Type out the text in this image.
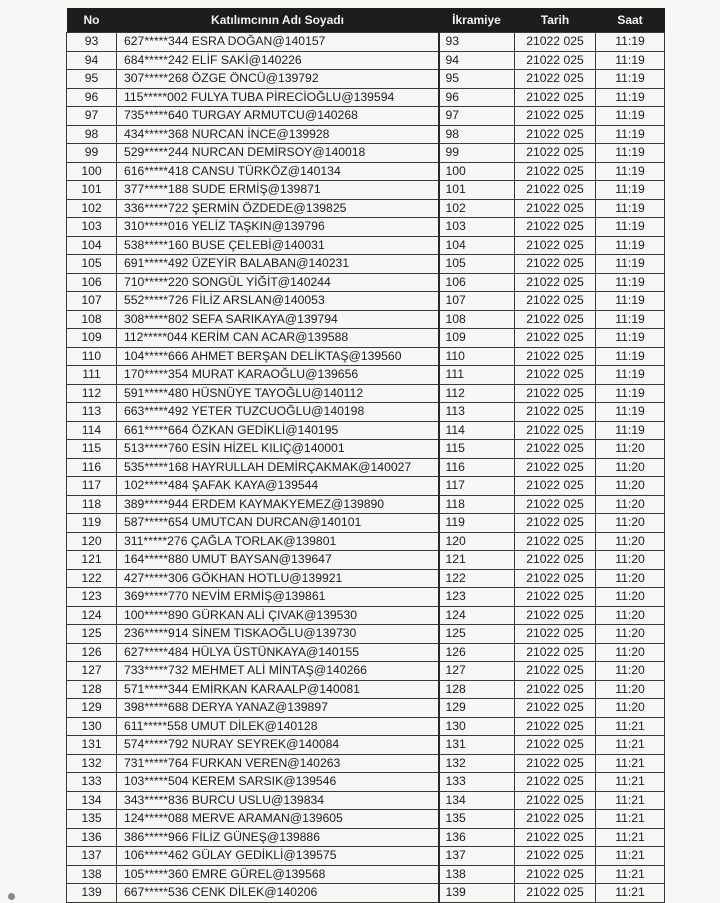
No	Katılımcının Adı Soyadı	İkramiye	Tarih	Saat
93	627*****344 ESRA DOĞAN@140157	93	21022 025	11:19
94	684*****242 ELİF SAKİ@140226	94	21022 025	11:19
95	307*****268 ÖZGE ÖNCÜ@139792	95	21022 025	11:19
96	115*****002 FULYA TUBA PİRECİOĞLU@139594	96	21022 025	11:19
97	735*****640 TURGAY ARMUTCU@140268	97	21022 025	11:19
98	434*****368 NURCAN İNCE@139928	98	21022 025	11:19
99	529*****244 NURCAN DEMİRSOY@140018	99	21022 025	11:19
100	616*****418 CANSU TÜRKÖZ@140134	100	21022 025	11:19
101	377*****188 SUDE ERMİŞ@139871	101	21022 025	11:19
102	336*****722 ŞERMİN ÖZDEDE@139825	102	21022 025	11:19
103	310*****016 YELİZ TAŞKIN@139796	103	21022 025	11:19
104	538*****160 BUSE ÇELEBİ@140031	104	21022 025	11:19
105	691*****492 ÜZEYİR BALABAN@140231	105	21022 025	11:19
106	710*****220 SONGÜL YİĞİT@140244	106	21022 025	11:19
107	552*****726 FİLİZ ARSLAN@140053	107	21022 025	11:19
108	308*****802 SEFA SARIKAYA@139794	108	21022 025	11:19
109	112*****044 KERİM CAN ACAR@139588	109	21022 025	11:19
110	104*****666 AHMET BERŞAN DELİKTAŞ@139560	110	21022 025	11:19
111	170*****354 MURAT KARAOĞLU@139656	111	21022 025	11:19
112	591*****480 HÜSNÜYE TAYOĞLU@140112	112	21022 025	11:19
113	663*****492 YETER TUZCUOĞLU@140198	113	21022 025	11:19
114	661*****664 ÖZKAN GEDİKLİ@140195	114	21022 025	11:19
115	513*****760 ESİN HİZEL KILIÇ@140001	115	21022 025	11:20
116	535*****168 HAYRULLAH DEMİRÇAKMAK@140027	116	21022 025	11:20
117	102*****484 ŞAFAK KAYA@139544	117	21022 025	11:20
118	389*****944 ERDEM KAYMAKYEMEZ@139890	118	21022 025	11:20
119	587*****654 UMUTCAN DURCAN@140101	119	21022 025	11:20
120	311*****276 ÇAĞLA TORLAK@139801	120	21022 025	11:20
121	164*****880 UMUT BAYSAN@139647	121	21022 025	11:20
122	427*****306 GÖKHAN HOTLU@139921	122	21022 025	11:20
123	369*****770 NEVİM ERMİŞ@139861	123	21022 025	11:20
124	100*****890 GÜRKAN ALİ ÇIVAK@139530	124	21022 025	11:20
125	236*****914 SİNEM TISKAOĞLU@139730	125	21022 025	11:20
126	627*****484 HÜLYA ÜSTÜNKAYA@140155	126	21022 025	11:20
127	733*****732 MEHMET ALİ MİNTAŞ@140266	127	21022 025	11:20
128	571*****344 EMİRKAN KARAALP@140081	128	21022 025	11:20
129	398*****688 DERYA YANAZ@139897	129	21022 025	11:20
130	611*****558 UMUT DİLEK@140128	130	21022 025	11:21
131	574*****792 NURAY SEYREK@140084	131	21022 025	11:21
132	731*****764 FURKAN VEREN@140263	132	21022 025	11:21
133	103*****504 KEREM SARSIK@139546	133	21022 025	11:21
134	343*****836 BURCU USLU@139834	134	21022 025	11:21
135	124*****088 MERVE ARAMAN@139605	135	21022 025	11:21
136	386*****966 FİLİZ GÜNEŞ@139886	136	21022 025	11:21
137	106*****462 GÜLAY GEDİKLİ@139575	137	21022 025	11:21
138	105*****360 EMRE GÜREL@139568	138	21022 025	11:21
139	667*****536 CENK DİLEK@140206	139	21022 025	11:21
